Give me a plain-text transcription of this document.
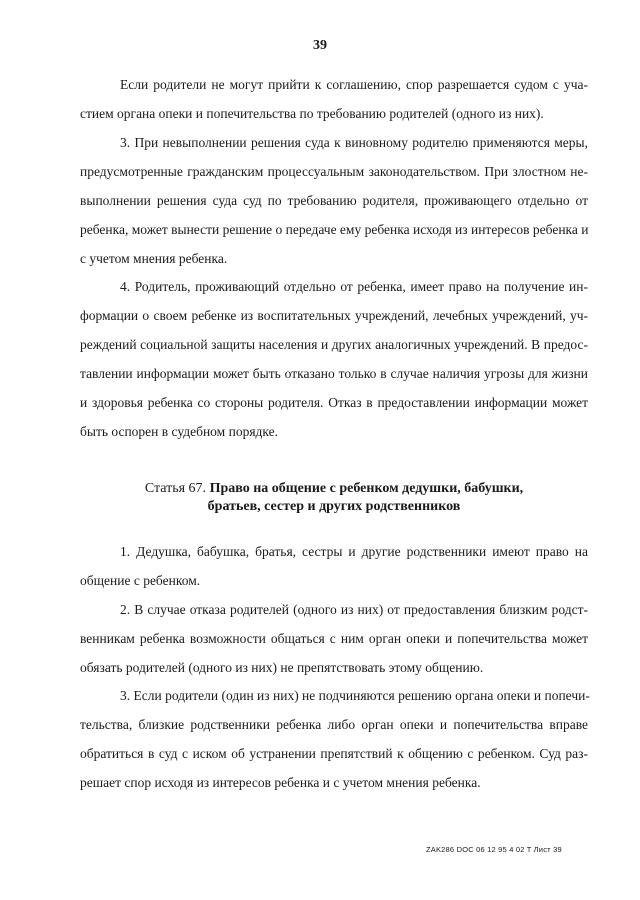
39
Если родители не могут прийти к соглашению, спор разрешается судом с уча-
стием органа опеки и попечительства по требованию родителей (одного из них).
3. При невыполнении решения суда к виновному родителю применяются меры,
предусмотренные гражданским процессуальным законодательством. При злостном не-
выполнении решения суда суд по требованию родителя, проживающего отдельно от
ребенка, может вынести решение о передаче ему ребенка исходя из интересов ребенка и
с учетом мнения ребенка.
4. Родитель, проживающий отдельно от ребенка, имеет право на получение ин-
формации о своем ребенке из воспитательных учреждений, лечебных учреждений, уч-
реждений социальной защиты населения и других аналогичных учреждений. В предос-
тавлении информации может быть отказано только в случае наличия угрозы для жизни
и здоровья ребенка со стороны родителя. Отказ в предоставлении информации может
быть оспорен в судебном порядке.
Статья 67. Право на общение с ребенком дедушки, бабушки,
братьев, сестер и других родственников
1. Дедушка, бабушка, братья, сестры и другие родственники имеют право на
общение с ребенком.
2. В случае отказа родителей (одного из них) от предоставления близким родст-
венникам ребенка возможности общаться с ним орган опеки и попечительства может
обязать родителей (одного из них) не препятствовать этому общению.
3. Если родители (один из них) не подчиняются решению органа опеки и попечи-
тельства, близкие родственники ребенка либо орган опеки и попечительства вправе
обратиться в суд с иском об устранении препятствий к общению с ребенком. Суд раз-
решает спор исходя из интересов ребенка и с учетом мнения ребенка.
ZAK286 DOC 06 12 95 4 02 T Лист 39
